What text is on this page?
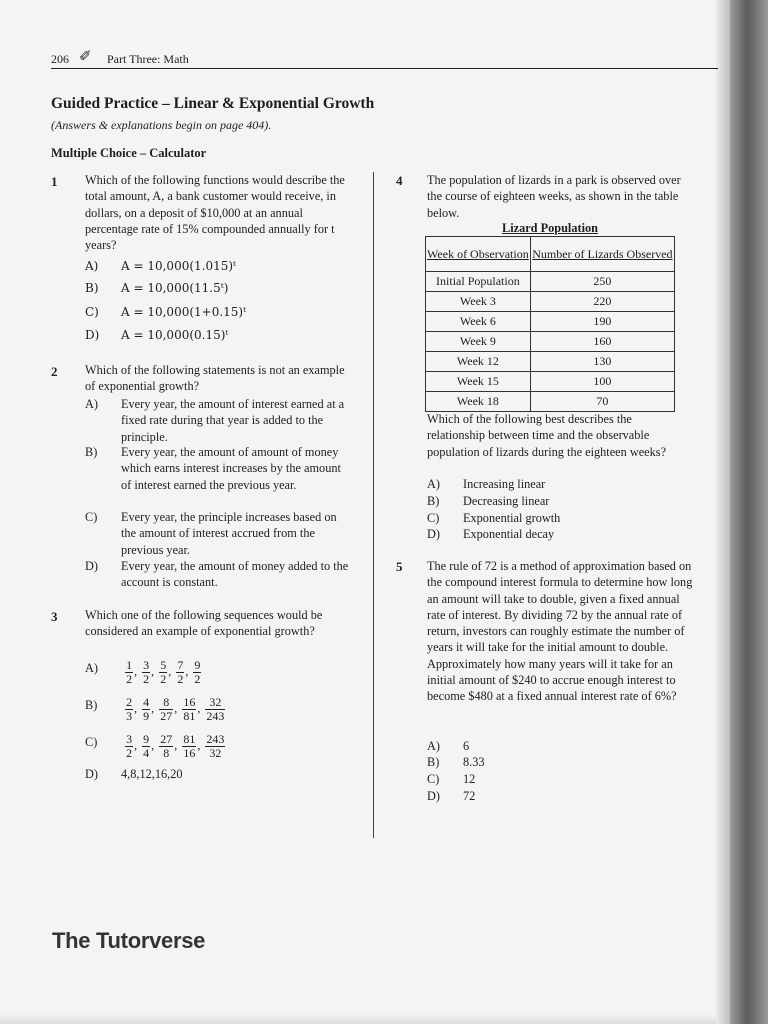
206 ✐ Part Three: Math
Guided Practice – Linear & Exponential Growth
(Answers & explanations begin on page 404).
Multiple Choice – Calculator
1 Which of the following functions would describe the total amount, A, a bank customer would receive, in dollars, on a deposit of $10,000 at an annual percentage rate of 15% compounded annually for t years?
A) A = 10,000(1.015)ᵗ
B) A = 10,000(11.5ᵗ)
C) A = 10,000(1+0.15)ᵗ
D) A = 10,000(0.15)ᵗ
2 Which of the following statements is not an example of exponential growth?
A) Every year, the amount of interest earned at a fixed rate during that year is added to the principle.
B) Every year, the amount of amount of money which earns interest increases by the amount of interest earned the previous year.
C) Every year, the principle increases based on the amount of interest accrued from the previous year.
D) Every year, the amount of money added to the account is constant.
3 Which one of the following sequences would be considered an example of exponential growth?
$A) \frac{1}{2}$ , $\frac{3}{2}$ , $\frac{5}{2}$ , $\frac{7}{2}$ , $\frac{9}{2}$
$B) \frac{2}{3}$ , $\frac{4}{9}$ , $\frac{8}{27}$ , $\frac{16}{81}$ , $\frac{32}{243}$
$C) \frac{3}{2}$ , $\frac{9}{4}$ , $\frac{27}{8}$ , $\frac{81}{16}$ , $\frac{243}{32}$
D) 4,8,12,16,20
4 The population of lizards in a park is observed over the course of eighteen weeks, as shown in the table below.
Lizard Population
Week of Observation	Number of Lizards Observed
Initial Population	250
Week 3	220
Week 6	190
Week 9	160
Week 12	130
Week 15	100
Week 18	70
Which of the following best describes the relationship between time and the observable population of lizards during the eighteen weeks?
A) Increasing linear
B) Decreasing linear
C) Exponential growth
D) Exponential decay
5 The rule of 72 is a method of approximation based on the compound interest formula to determine how long an amount will take to double, given a fixed annual rate of interest. By dividing 72 by the annual rate of return, investors can roughly estimate the number of years it will take for the initial amount to double. Approximately how many years will it take for an initial amount of $240 to accrue enough interest to become $480 at a fixed annual interest rate of 6%?
A) 6
B) 8.33
C) 12
D) 72
The Tutorverse
